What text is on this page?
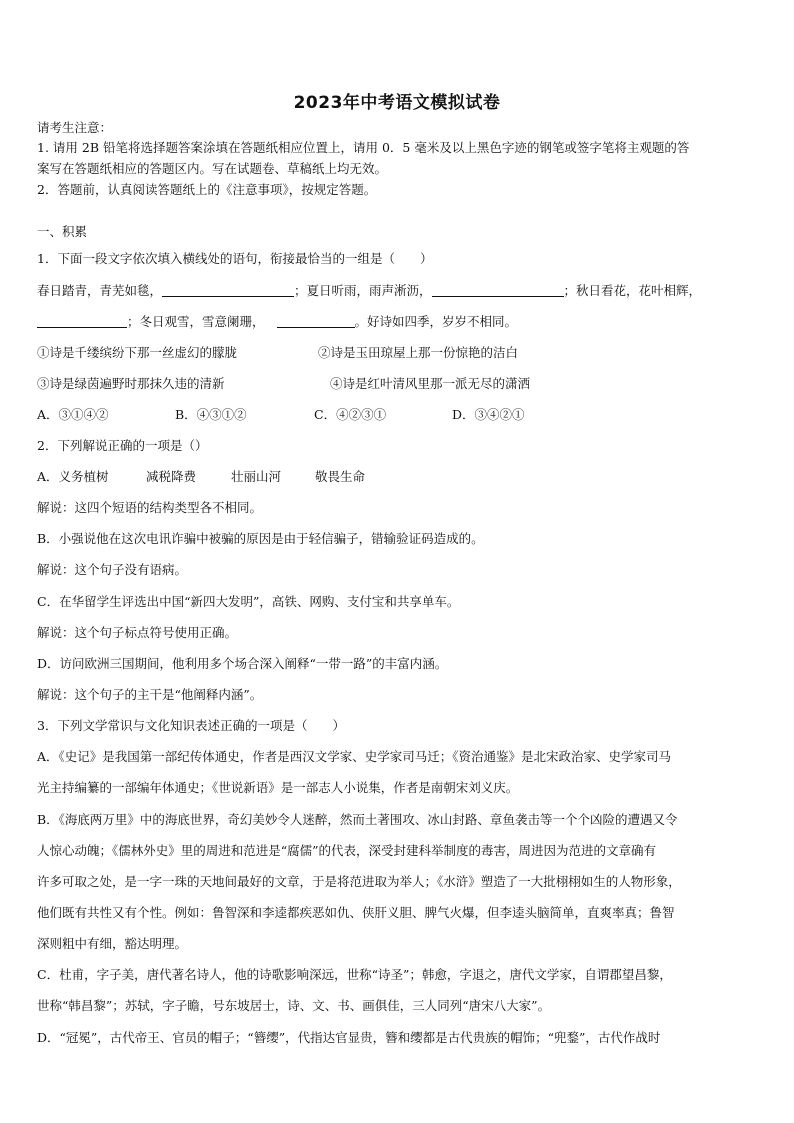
2023年中考语文模拟试卷
请考生注意：
1. 请用 2B 铅笔将选择题答案涂填在答题纸相应位置上，请用 0．5 毫米及以上黑色字迹的钢笔或签字笔将主观题的答
案写在答题纸相应的答题区内。写在试题卷、草稿纸上均无效。
2．答题前，认真阅读答题纸上的《注意事项》，按规定答题。
一、积累
1．下面一段文字依次填入横线处的语句，衔接最恰当的一组是（　　）
春日踏青，青芜如毯，	；夏日听雨，雨声淅沥，	；秋日看花，花叶相辉，
；冬日观雪，雪意阑珊，	。好诗如四季，岁岁不相同。
①诗是千缕缤纷下那一丝虚幻的朦胧	②诗是玉田琼屋上那一份惊艳的洁白
③诗是绿茵遍野时那抹久违的清新	④诗是红叶清风里那一派无尽的潇洒
A．③①④②	B．④③①②	C．④②③①	D．③④②①
2．下列解说正确的一项是（）
A．义务植树	减税降费	壮丽山河	敬畏生命
解说：这四个短语的结构类型各不相同。
B．小强说他在这次电讯诈骗中被骗的原因是由于轻信骗子，错输验证码造成的。
解说：这个句子没有语病。
C．在华留学生评选出中国“新四大发明”，高铁、网购、支付宝和共享单车。
解说：这个句子标点符号使用正确。
D．访问欧洲三国期间，他利用多个场合深入阐释“一带一路”的丰富内涵。
解说：这个句子的主干是“他阐释内涵”。
3．下列文学常识与文化知识表述正确的一项是（　　）
A．《史记》是我国第一部纪传体通史，作者是西汉文学家、史学家司马迁；《资治通鉴》是北宋政治家、史学家司马
光主持编纂的一部编年体通史；《世说新语》是一部志人小说集，作者是南朝宋刘义庆。
B．《海底两万里》中的海底世界，奇幻美妙令人迷醉，然而土著围攻、冰山封路、章鱼袭击等一个个凶险的遭遇又令
人惊心动魄；《儒林外史》里的周进和范进是“腐儒”的代表，深受封建科举制度的毒害，周进因为范进的文章确有
许多可取之处，是一字一珠的天地间最好的文章，于是将范进取为举人；《水浒》塑造了一大批栩栩如生的人物形象，
他们既有共性又有个性。例如：鲁智深和李逵都疾恶如仇、侠肝义胆、脾气火爆，但李逵头脑简单，直爽率真；鲁智
深则粗中有细，豁达明理。
C．杜甫，字子美，唐代著名诗人，他的诗歌影响深远，世称“诗圣”；韩愈，字退之，唐代文学家，自谓郡望昌黎，
世称“韩昌黎”；苏轼，字子瞻，号东坡居士，诗、文、书、画俱佳，三人同列“唐宋八大家”。
D．“冠冕”，古代帝王、官员的帽子；“簪缨”，代指达官显贵，簪和缨都是古代贵族的帽饰；“兜鍪”，古代作战时
